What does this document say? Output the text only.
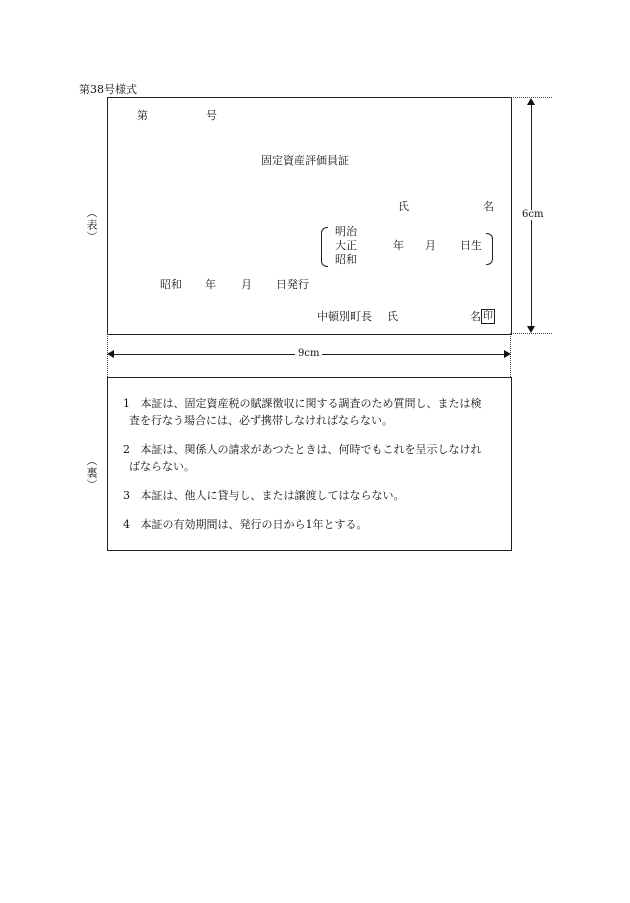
第38号様式
（表）
第	号
固定資産評価員証
氏	名
明治
大正
昭和
年 月 日生
昭和 年 月 日発行
中頓別町長 氏	名 印
6cm
9cm
（裏）
1 本証は、固定資産税の賦課徴収に関する調査のため質問し、または検
査を行なう場合には、必ず携帯しなければならない。
2 本証は、関係人の請求があつたときは、何時でもこれを呈示しなけれ
ばならない。
3 本証は、他人に貸与し、または譲渡してはならない。
4 本証の有効期間は、発行の日から1年とする。
